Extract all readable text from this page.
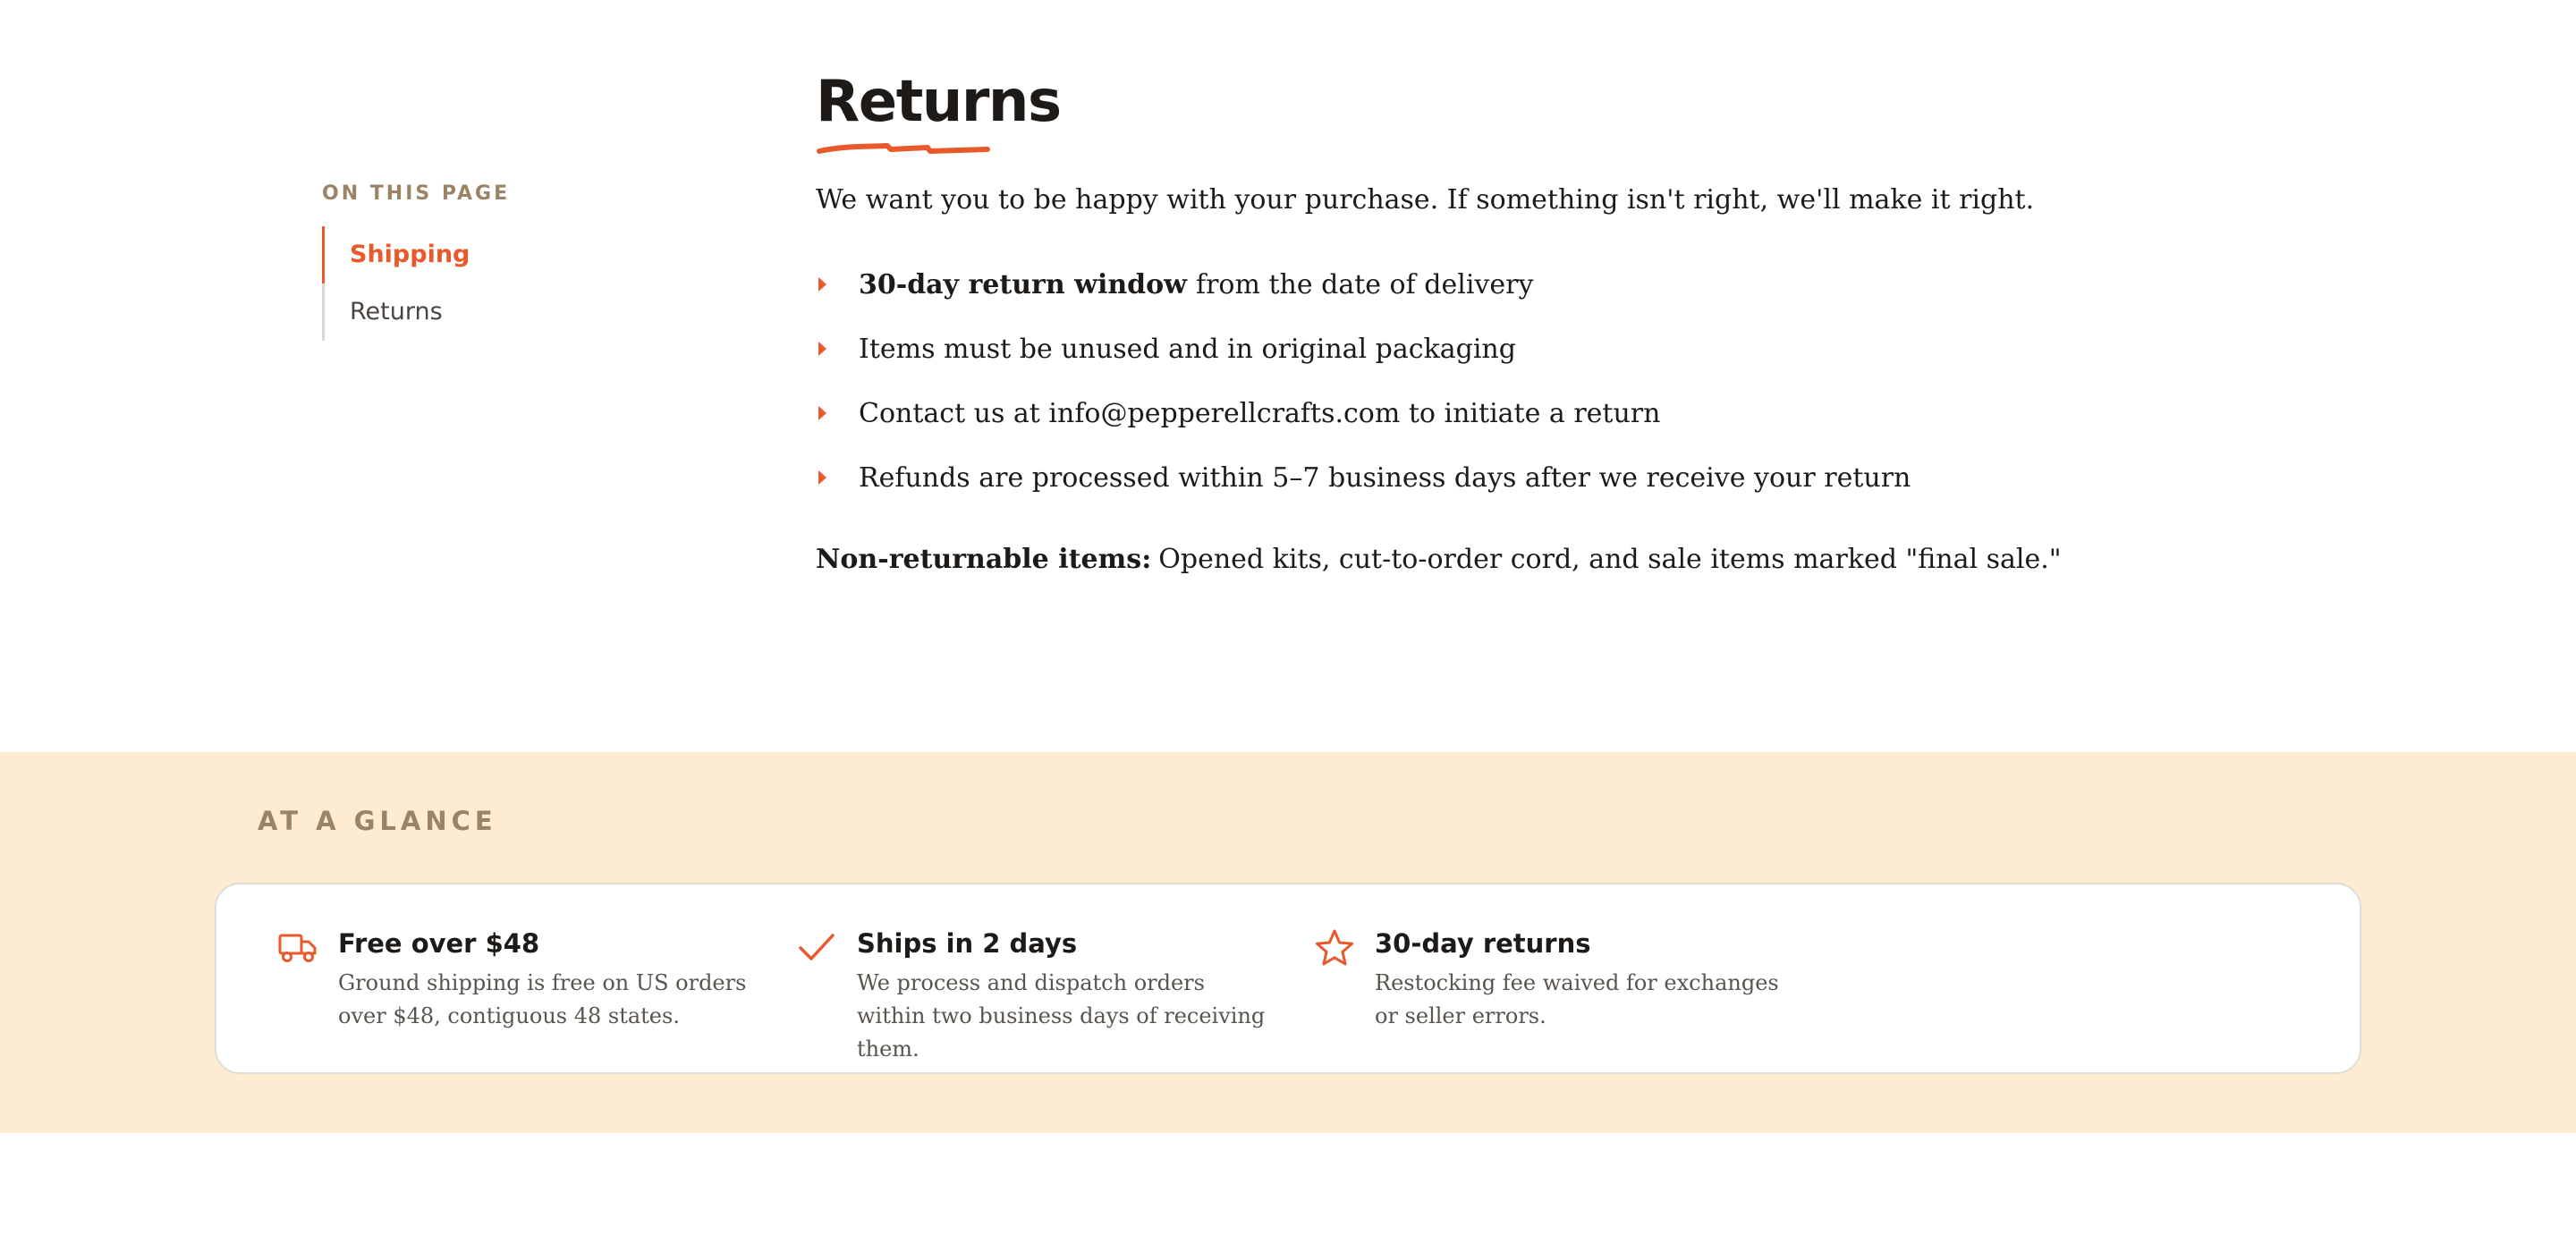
ON THIS PAGE
Shipping
Returns
Returns

We want you to be happy with your purchase. If something isn't right, we'll make it right.

30-day return window from the date of delivery
Items must be unused and in original packaging
Contact us at info@pepperellcrafts.com to initiate a return
Refunds are processed within 5–7 business days after we receive your return

Non-returnable items: Opened kits, cut-to-order cord, and sale items marked "final sale."

AT A GLANCE
Free over $48
Ground shipping is free on US orders over $48, contiguous 48 states.
Ships in 2 days
We process and dispatch orders within two business days of receiving them.
30-day returns
Restocking fee waived for exchanges or seller errors.
